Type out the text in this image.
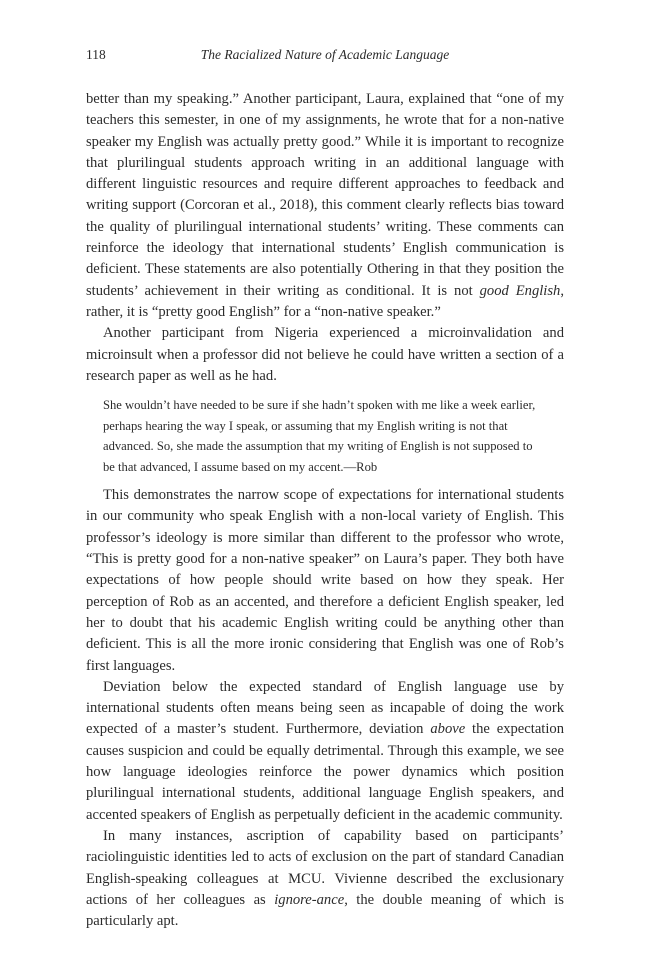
118	The Racialized Nature of Academic Language

better than my speaking.” Another participant, Laura, explained that “one of my teachers this semester, in one of my assignments, he wrote that for a non-native speaker my English was actually pretty good.” While it is important to recognize that plurilingual students approach writing in an additional language with different linguistic resources and require different approaches to feedback and writing support (Corcoran et al., 2018), this comment clearly reflects bias toward the quality of plurilingual international students’ writing. These comments can reinforce the ideology that international students’ English communication is deficient. These statements are also potentially Othering in that they position the students’ achievement in their writing as conditional. It is not good English, rather, it is “pretty good English” for a “non-native speaker.”

Another participant from Nigeria experienced a microinvalidation and microinsult when a professor did not believe he could have written a section of a research paper as well as he had.

She wouldn’t have needed to be sure if she hadn’t spoken with me like a week earlier, perhaps hearing the way I speak, or assuming that my English writing is not that advanced. So, she made the assumption that my writing of English is not supposed to be that advanced, I assume based on my accent.—Rob

This demonstrates the narrow scope of expectations for international students in our community who speak English with a non-local variety of English. This professor’s ideology is more similar than different to the professor who wrote, “This is pretty good for a non-native speaker” on Laura’s paper. They both have expectations of how people should write based on how they speak. Her perception of Rob as an accented, and therefore a deficient English speaker, led her to doubt that his academic English writing could be anything other than deficient. This is all the more ironic considering that English was one of Rob’s first languages.

Deviation below the expected standard of English language use by international students often means being seen as incapable of doing the work expected of a master’s student. Furthermore, deviation above the expectation causes suspicion and could be equally detrimental. Through this example, we see how language ideologies reinforce the power dynamics which position plurilingual international students, additional language English speakers, and accented speakers of English as perpetually deficient in the academic community.

In many instances, ascription of capability based on participants’ raciolinguistic identities led to acts of exclusion on the part of standard Canadian English-speaking colleagues at MCU. Vivienne described the exclusionary actions of her colleagues as ignore-ance, the double meaning of which is particularly apt.
